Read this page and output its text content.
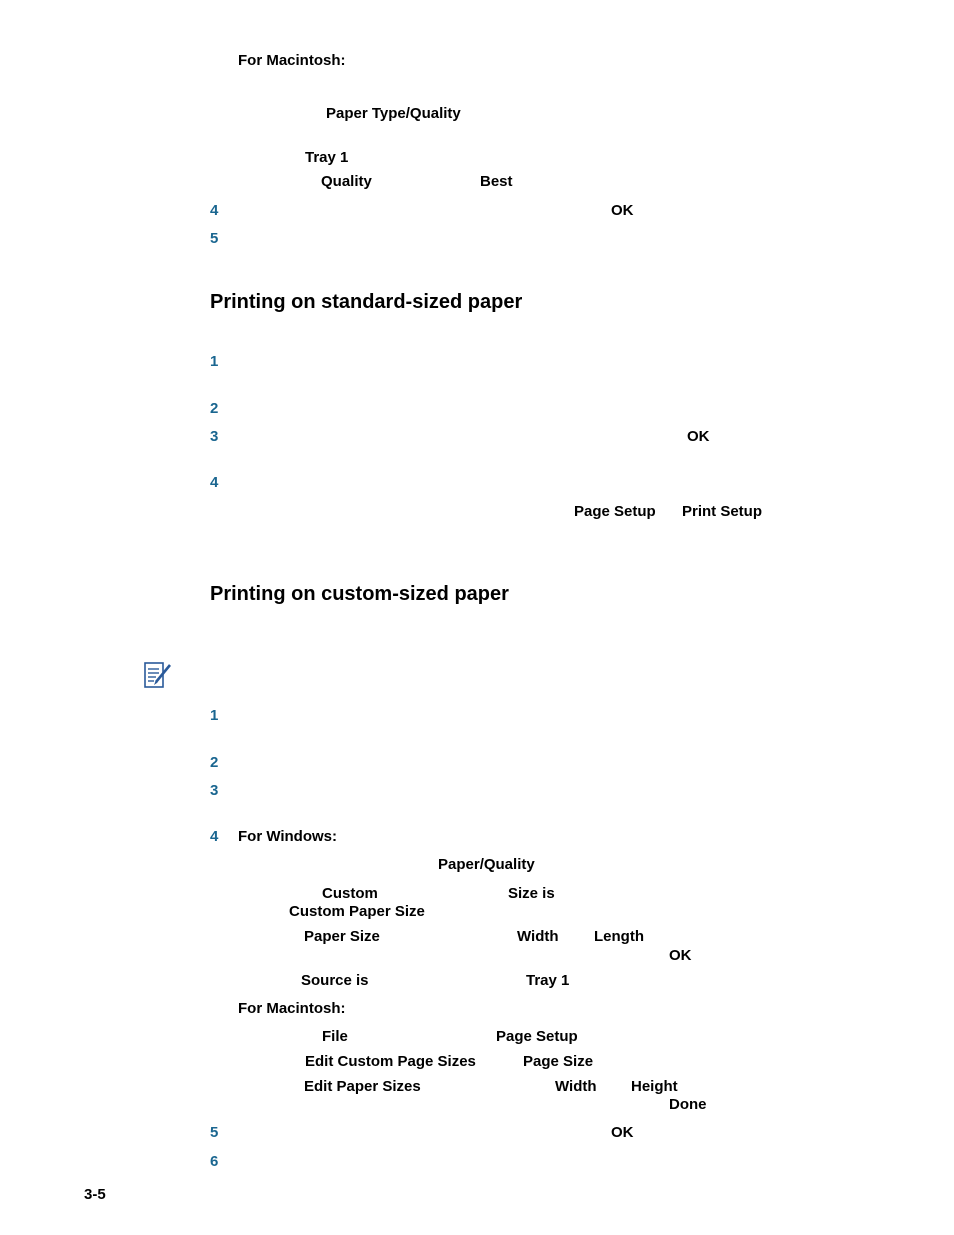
For Macintosh:
Paper Type/Quality
Tray 1
Quality	Best
4	OK
5
Printing on standard-sized paper
1
2
3	OK
4
Page Setup Print Setup
Printing on custom-sized paper
1
2
3
4 For Windows:
Paper/Quality
Custom	Size is
Custom Paper Size
Paper Size	Width Length
OK
Source is	Tray 1
For Macintosh:
File	Page Setup
Edit Custom Page Sizes	Page Size
Edit Paper Sizes	Width Height
Done
5	OK
6
3-5
